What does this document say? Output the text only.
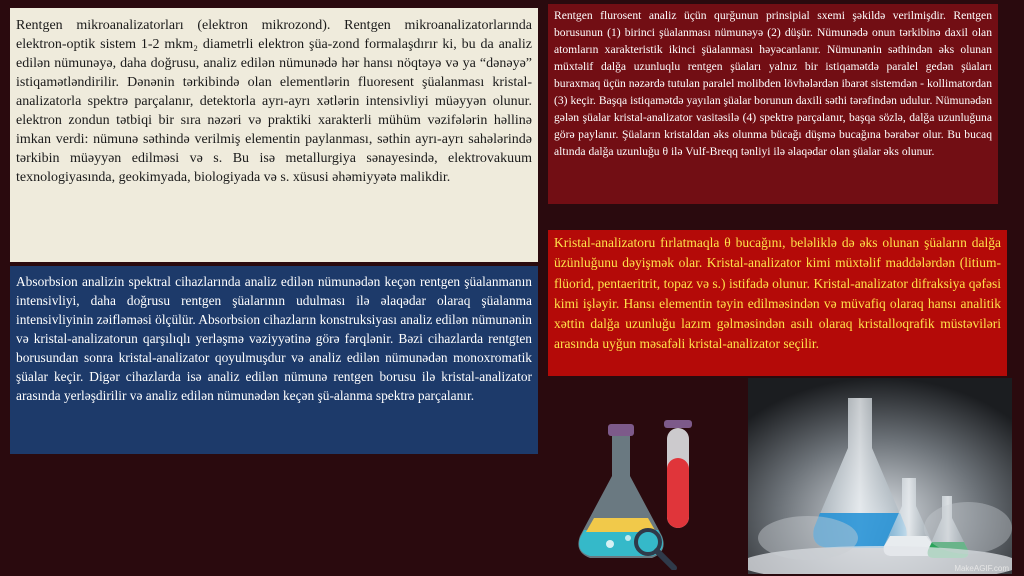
Rentgen mikroanalizatorları (elektron mikrozond). Rentgen mikroanalizatorlarında elektron-optik sistem 1-2 mkm₂ diametrli elektron şüa-zond formalaşdırır ki, bu da analiz edilən nümunəyə, daha doğrusu, analiz edilən nümunədə hər hansı nöqtəyə və ya “dənəyə” istiqamətləndirilir. Dənənin tərkibində olan elementlərin fluoresent şüalanması kristal-analizatorla spektrə parçalanır, detektorla ayrı-ayrı xətlərin intensivliyi müəyyən olunur. elektron zondun tətbiqi bir sıra nəzəri və praktiki xarakterli mühüm vəzifələrin həllinə imkan verdi: nümunə səthində verilmiş elementin paylanması, səthin ayrı-ayrı sahələrində tərkibin müəyyən edilməsi və s. Bu isə metallurgiya sənayesində, elektrovakuum texnologiyasında, geokimyada, biologiyada və s. xüsusi əhəmiyyətə malikdir.
Absorbsion analizin spektral cihazlarında analiz edilən nümunədən keçən rentgen şüalanmanın intensivliyi, daha doğrusu rentgen şüalarının udulması ilə əlaqədar olaraq şüalanma intensivliyinin zəifləməsi ölçülür. Absorbsion cihazların konstruksiyası analiz edilən nümunənin və kristal-analizatorun qarşılıqlı yerləşmə vəziyyətinə görə fərqlənir. Bəzi cihazlarda rentgten borusundan sonra kristal-analizator qoyulmuşdur və analiz edilən nümunədən monoxromatik şüalar keçir. Digər cihazlarda isə analiz edilən nümunə rentgen borusu ilə kristal-analizator arasında yerləşdirilir və analiz edilən nümunədən keçən şü-alanma spektrə parçalanır.
Rentgen flurosent analiz üçün qurğunun prinsipial sxemi şəkildə verilmişdir. Rentgen borusunun (1) birinci şüalanması nümunəyə (2) düşür. Nümunədə onun tərkibinə daxil olan atomların xarakteristik ikinci şüalanması həyəcanlanır. Nümunənin səthindən əks olunan müxtəlif dalğa uzunluqlu rentgen şüaları yalnız bir istiqamətdə paralel gedən şüaları buraxmaq üçün nəzərdə tutulan paralel molibden lövhələrdən ibarət sistemdən - kollimatordan (3) keçir. Başqa istiqamətdə yayılan şüalar borunun daxili səthi tərəfindən udulur. Nümunədən gələn şüalar kristal-analizator vasitəsilə (4) spektrə parçalanır, başqa sözlə, dalğa uzunluğuna görə paylanır. Şüaların kristaldan əks olunma bücağı düşmə bucağına bərabər olur. Bu bucaq altında dalğa uzunluğu θ ilə Vulf-Breqq tənliyi ilə əlaqədar olan şüalar əks olunur.
Kristal-analizatoru fırlatmaqla θ bucağını, beləliklə də əks olunan şüaların dalğa üzünluğunu dəyişmək olar. Kristal-analizator kimi müxtəlif maddələrdən (litium-flüorid, pentaeritrit, topaz və s.) istifadə olunur. Kristal-analizator difraksiya qəfəsi kimi işləyir. Hansı elementin təyin edilməsindən və müvafiq olaraq hansı analitik xəttin dalğa uzunluğu lazım gəlməsindən asılı olaraq kristalloqrafik müstəviləri arasında uyğun məsafəli kristal-analizator seçilir.
MakeAGIF.com
